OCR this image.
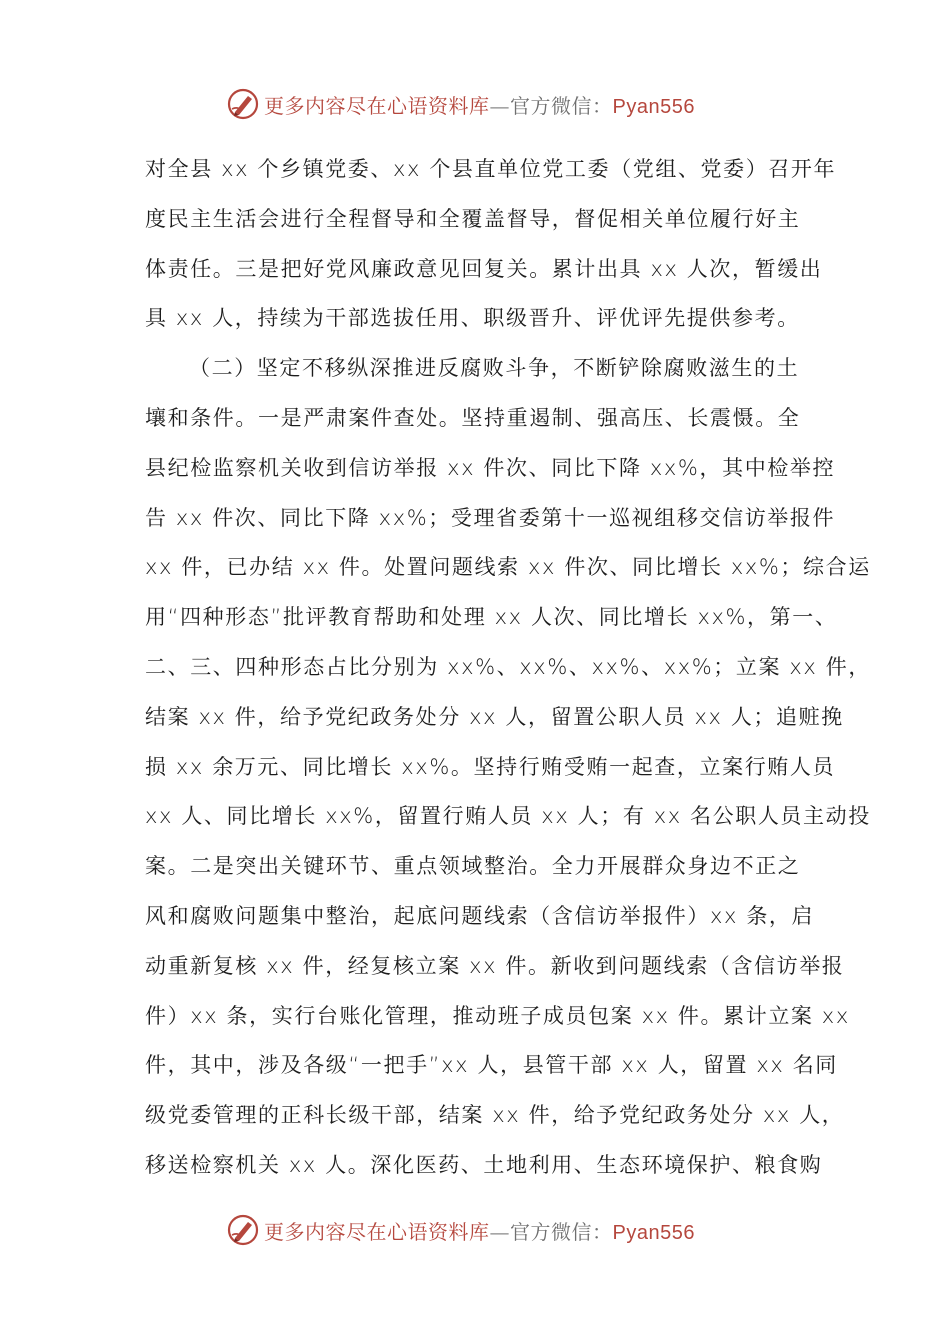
更多内容尽在心语资料库—官方微信：Pyan556
对全县 xx 个乡镇党委、xx 个县直单位党工委（党组、党委）召开年
度民主生活会进行全程督导和全覆盖督导，督促相关单位履行好主
体责任。三是把好党风廉政意见回复关。累计出具 xx 人次，暂缓出
具 xx 人，持续为干部选拔任用、职级晋升、评优评先提供参考。
（二）坚定不移纵深推进反腐败斗争，不断铲除腐败滋生的土
壤和条件。一是严肃案件查处。坚持重遏制、强高压、长震慑。全
县纪检监察机关收到信访举报 xx 件次、同比下降 xx%，其中检举控
告 xx 件次、同比下降 xx%；受理省委第十一巡视组移交信访举报件
xx 件，已办结 xx 件。处置问题线索 xx 件次、同比增长 xx%；综合运
用“四种形态”批评教育帮助和处理 xx 人次、同比增长 xx%，第一、
二、三、四种形态占比分别为 xx%、xx%、xx%、xx%；立案 xx 件，
结案 xx 件，给予党纪政务处分 xx 人，留置公职人员 xx 人；追赃挽
损 xx 余万元、同比增长 xx%。坚持行贿受贿一起查，立案行贿人员
xx 人、同比增长 xx%，留置行贿人员 xx 人；有 xx 名公职人员主动投
案。二是突出关键环节、重点领域整治。全力开展群众身边不正之
风和腐败问题集中整治，起底问题线索（含信访举报件）xx 条，启
动重新复核 xx 件，经复核立案 xx 件。新收到问题线索（含信访举报
件）xx 条，实行台账化管理，推动班子成员包案 xx 件。累计立案 xx
件，其中，涉及各级“一把手”xx 人，县管干部 xx 人，留置 xx 名同
级党委管理的正科长级干部，结案 xx 件，给予党纪政务处分 xx 人，
移送检察机关 xx 人。深化医药、土地利用、生态环境保护、粮食购
更多内容尽在心语资料库—官方微信：Pyan556
